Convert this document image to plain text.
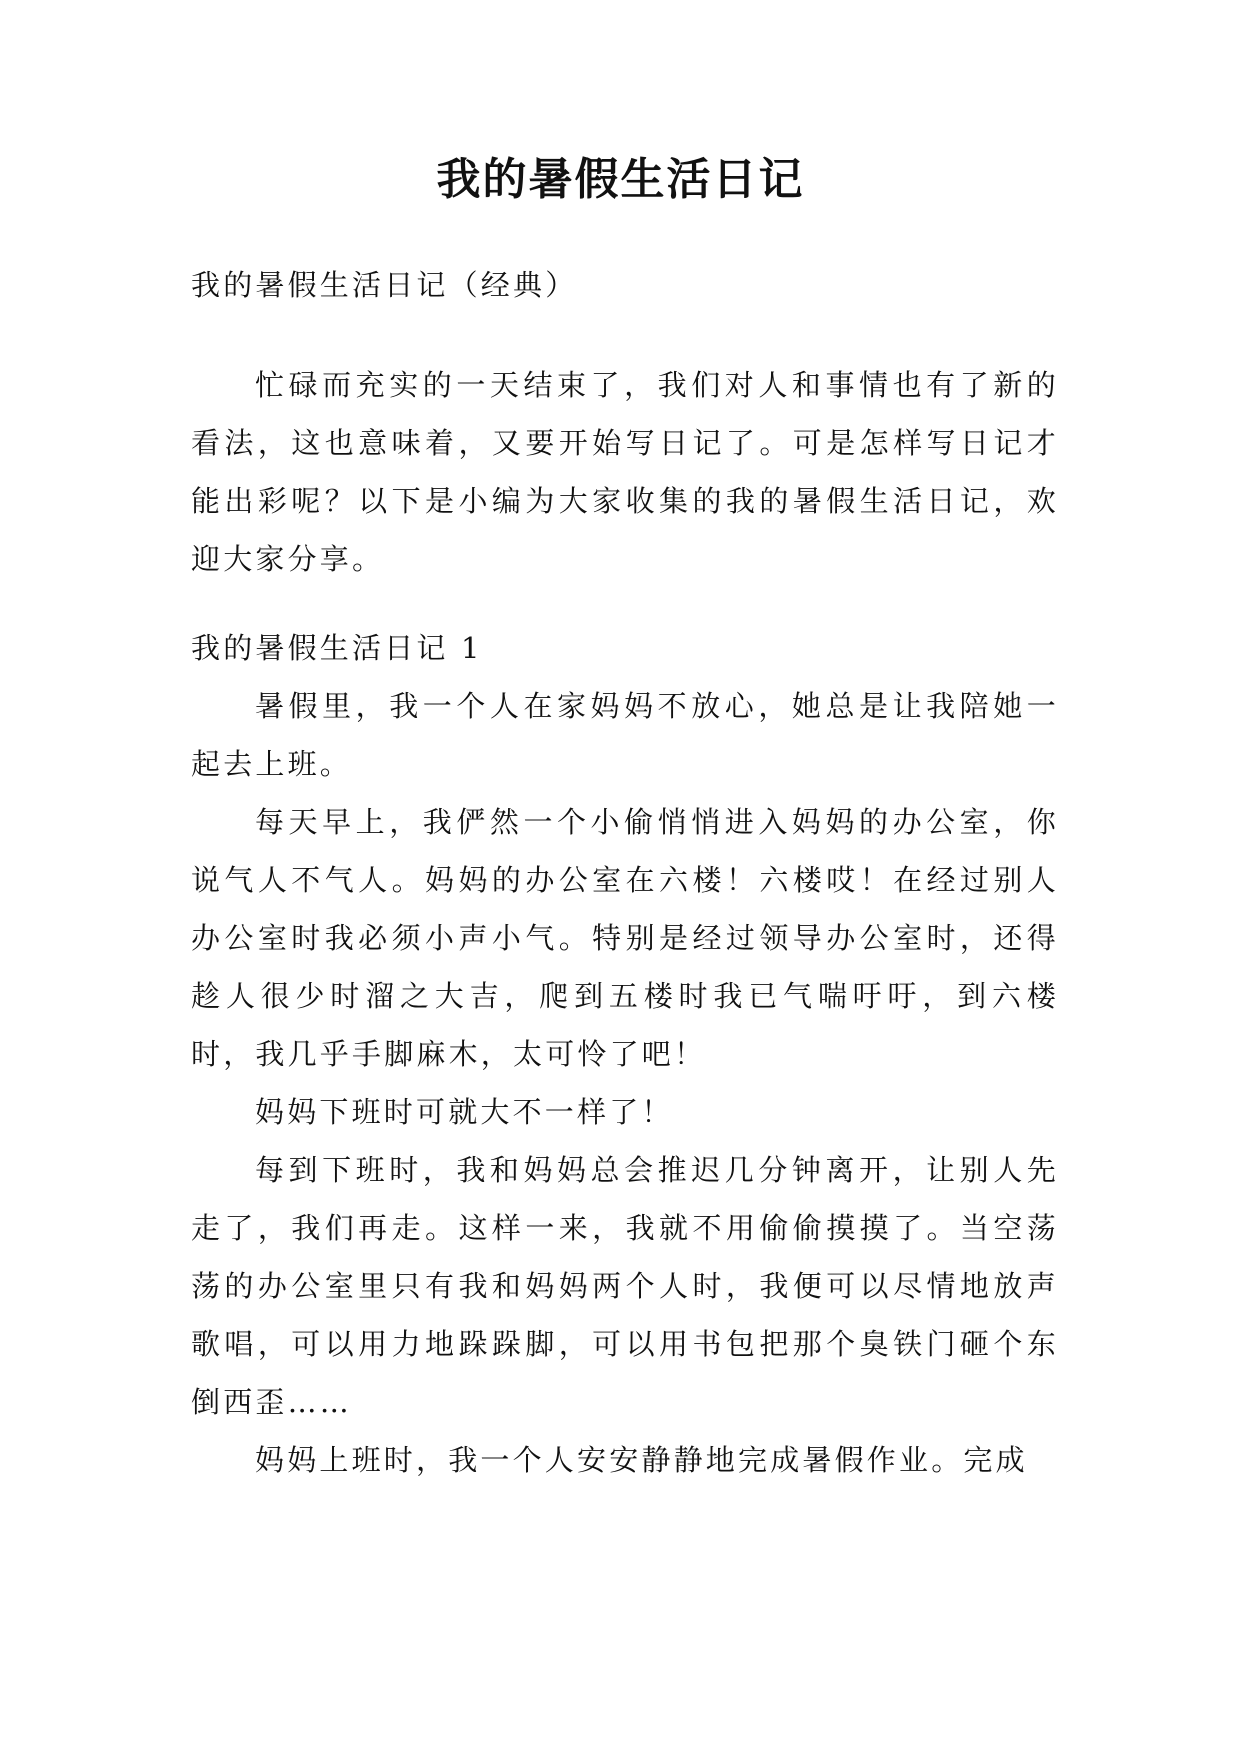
我的暑假生活日记

我的暑假生活日记（经典）

忙碌而充实的一天结束了，我们对人和事情也有了新的看法，这也意味着，又要开始写日记了。可是怎样写日记才能出彩呢？以下是小编为大家收集的我的暑假生活日记，欢迎大家分享。

我的暑假生活日记 1

暑假里，我一个人在家妈妈不放心，她总是让我陪她一起去上班。

每天早上，我俨然一个小偷悄悄进入妈妈的办公室，你说气人不气人。妈妈的办公室在六楼！六楼哎！在经过别人办公室时我必须小声小气。特别是经过领导办公室时，还得趁人很少时溜之大吉，爬到五楼时我已气喘吁吁，到六楼时，我几乎手脚麻木，太可怜了吧！

妈妈下班时可就大不一样了！

每到下班时，我和妈妈总会推迟几分钟离开，让别人先走了，我们再走。这样一来，我就不用偷偷摸摸了。当空荡荡的办公室里只有我和妈妈两个人时，我便可以尽情地放声歌唱，可以用力地跺跺脚，可以用书包把那个臭铁门砸个东倒西歪……

妈妈上班时，我一个人安安静静地完成暑假作业。完成
